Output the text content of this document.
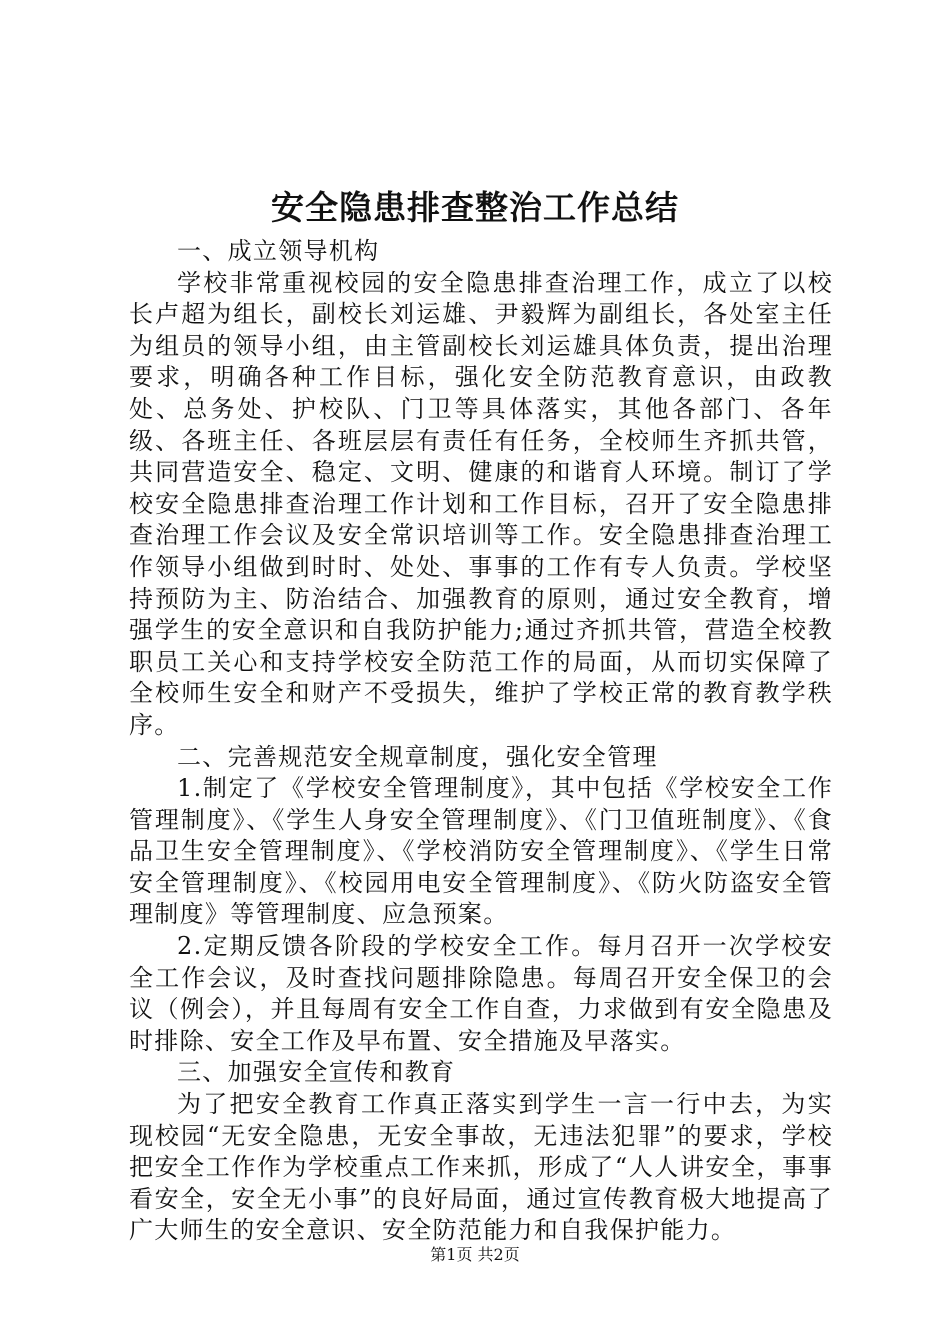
安全隐患排查整治工作总结

一、成立领导机构

学校非常重视校园的安全隐患排查治理工作，成立了以校长卢超为组长，副校长刘运雄、尹毅辉为副组长，各处室主任为组员的领导小组，由主管副校长刘运雄具体负责，提出治理要求，明确各种工作目标，强化安全防范教育意识，由政教处、总务处、护校队、门卫等具体落实，其他各部门、各年级、各班主任、各班层层有责任有任务，全校师生齐抓共管，共同营造安全、稳定、文明、健康的和谐育人环境。制订了学校安全隐患排查治理工作计划和工作目标，召开了安全隐患排查治理工作会议及安全常识培训等工作。安全隐患排查治理工作领导小组做到时时、处处、事事的工作有专人负责。学校坚持预防为主、防治结合、加强教育的原则，通过安全教育，增强学生的安全意识和自我防护能力;通过齐抓共管，营造全校教职员工关心和支持学校安全防范工作的局面，从而切实保障了全校师生安全和财产不受损失，维护了学校正常的教育教学秩序。

二、完善规范安全规章制度，强化安全管理

1.制定了《学校安全管理制度》，其中包括《学校安全工作管理制度》、《学生人身安全管理制度》、《门卫值班制度》、《食品卫生安全管理制度》、《学校消防安全管理制度》、《学生日常安全管理制度》、《校园用电安全管理制度》、《防火防盗安全管理制度》等管理制度、应急预案。

2.定期反馈各阶段的学校安全工作。每月召开一次学校安全工作会议，及时查找问题排除隐患。每周召开安全保卫的会议（例会），并且每周有安全工作自查，力求做到有安全隐患及时排除、安全工作及早布置、安全措施及早落实。

三、加强安全宣传和教育

为了把安全教育工作真正落实到学生一言一行中去，为实现校园“无安全隐患，无安全事故，无违法犯罪”的要求，学校把安全工作作为学校重点工作来抓，形成了“人人讲安全，事事看安全，安全无小事”的良好局面，通过宣传教育极大地提高了广大师生的安全意识、安全防范能力和自我保护能力。

第1页 共2页
